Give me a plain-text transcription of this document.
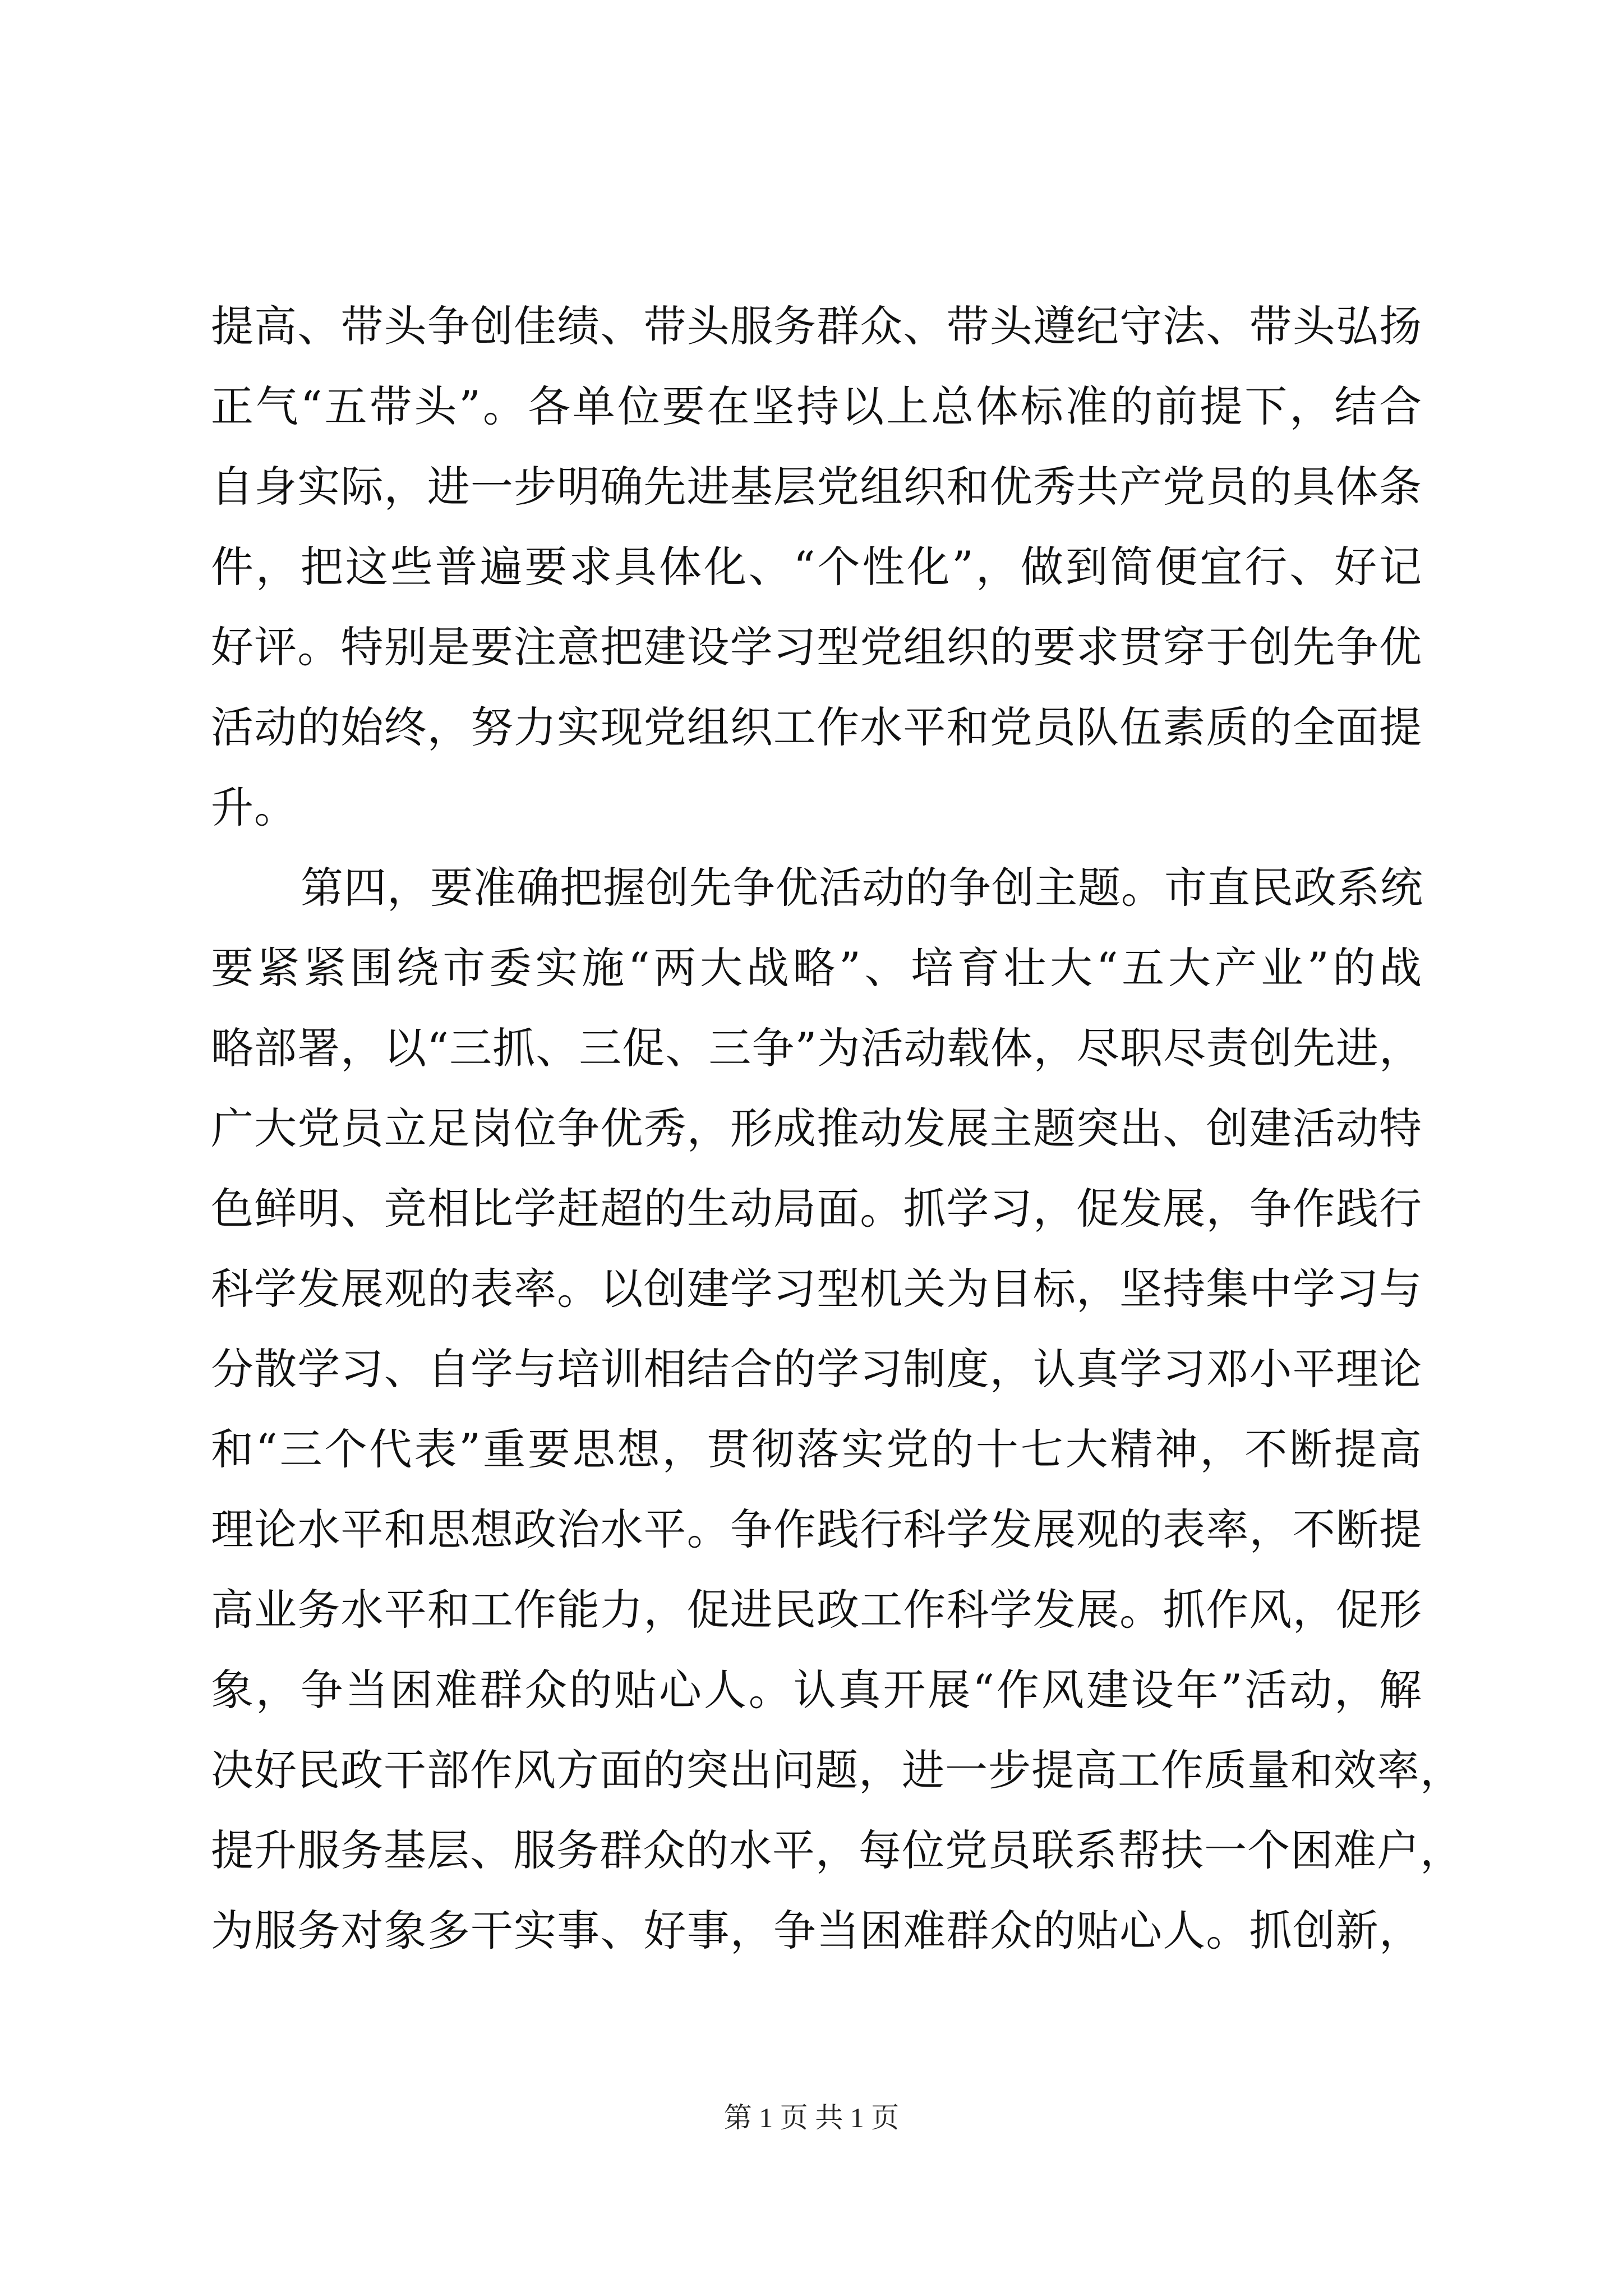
提高、带头争创佳绩、带头服务群众、带头遵纪守法、带头弘扬
正气“五带头”。各单位要在坚持以上总体标准的前提下，结合
自身实际，进一步明确先进基层党组织和优秀共产党员的具体条
件，把这些普遍要求具体化、“个性化”，做到简便宜行、好记
好评。特别是要注意把建设学习型党组织的要求贯穿于创先争优
活动的始终，努力实现党组织工作水平和党员队伍素质的全面提
升。
第四，要准确把握创先争优活动的争创主题。市直民政系统
要紧紧围绕市委实施“两大战略”、培育壮大“五大产业”的战
略部署，以“三抓、三促、三争”为活动载体，尽职尽责创先进，
广大党员立足岗位争优秀，形成推动发展主题突出、创建活动特
色鲜明、竞相比学赶超的生动局面。抓学习，促发展，争作践行
科学发展观的表率。以创建学习型机关为目标，坚持集中学习与
分散学习、自学与培训相结合的学习制度，认真学习邓小平理论
和“三个代表”重要思想，贯彻落实党的十七大精神，不断提高
理论水平和思想政治水平。争作践行科学发展观的表率，不断提
高业务水平和工作能力，促进民政工作科学发展。抓作风，促形
象，争当困难群众的贴心人。认真开展“作风建设年”活动，解
决好民政干部作风方面的突出问题，进一步提高工作质量和效率，
提升服务基层、服务群众的水平，每位党员联系帮扶一个困难户，
为服务对象多干实事、好事，争当困难群众的贴心人。抓创新，
第 1 页 共 1 页
